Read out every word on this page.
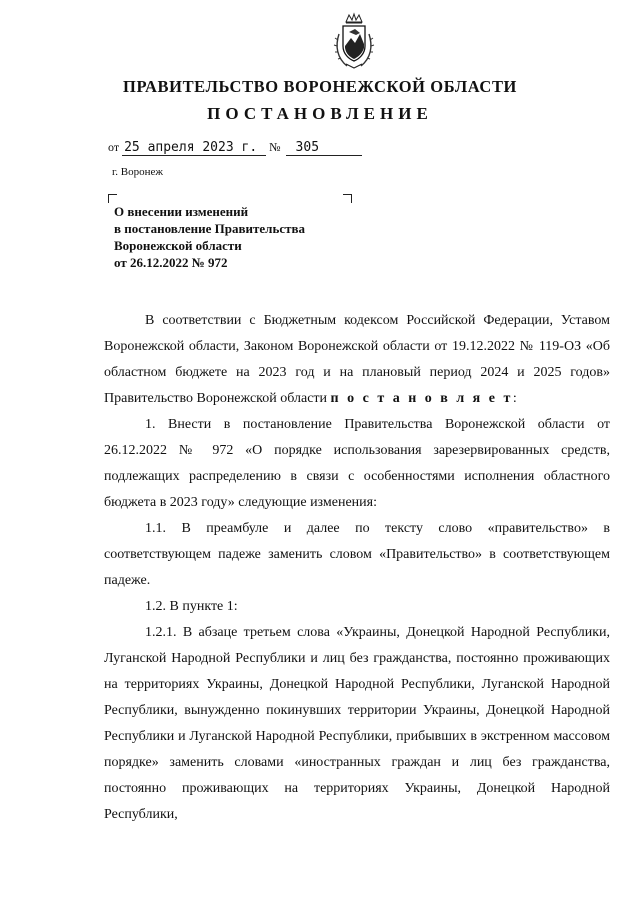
ПРАВИТЕЛЬСТВО ВОРОНЕЖСКОЙ ОБЛАСТИ
ПОСТАНОВЛЕНИЕ
от 25 апреля 2023 г. № 305
г. Воронеж
О внесении изменений
в постановление Правительства
Воронежской области
от 26.12.2022 № 972

В соответствии с Бюджетным кодексом Российской Федерации, Уставом Воронежской области, Законом Воронежской области от 19.12.2022 № 119-ОЗ «Об областном бюджете на 2023 год и на плановый период 2024 и 2025 годов» Правительство Воронежской области п о с т а н о в л я е т:

1. Внести в постановление Правительства Воронежской области от 26.12.2022 № 972 «О порядке использования зарезервированных средств, подлежащих распределению в связи с особенностями исполнения областного бюджета в 2023 году» следующие изменения:

1.1. В преамбуле и далее по тексту слово «правительство» в соответствующем падеже заменить словом «Правительство» в соответствующем падеже.

1.2. В пункте 1:

1.2.1. В абзаце третьем слова «Украины, Донецкой Народной Республики, Луганской Народной Республики и лиц без гражданства, постоянно проживающих на территориях Украины, Донецкой Народной Республики, Луганской Народной Республики, вынужденно покинувших территории Украины, Донецкой Народной Республики и Луганской Народной Республики, прибывших в экстренном массовом порядке» заменить словами «иностранных граждан и лиц без гражданства, постоянно проживающих на территориях Украины, Донецкой Народной Республики,
